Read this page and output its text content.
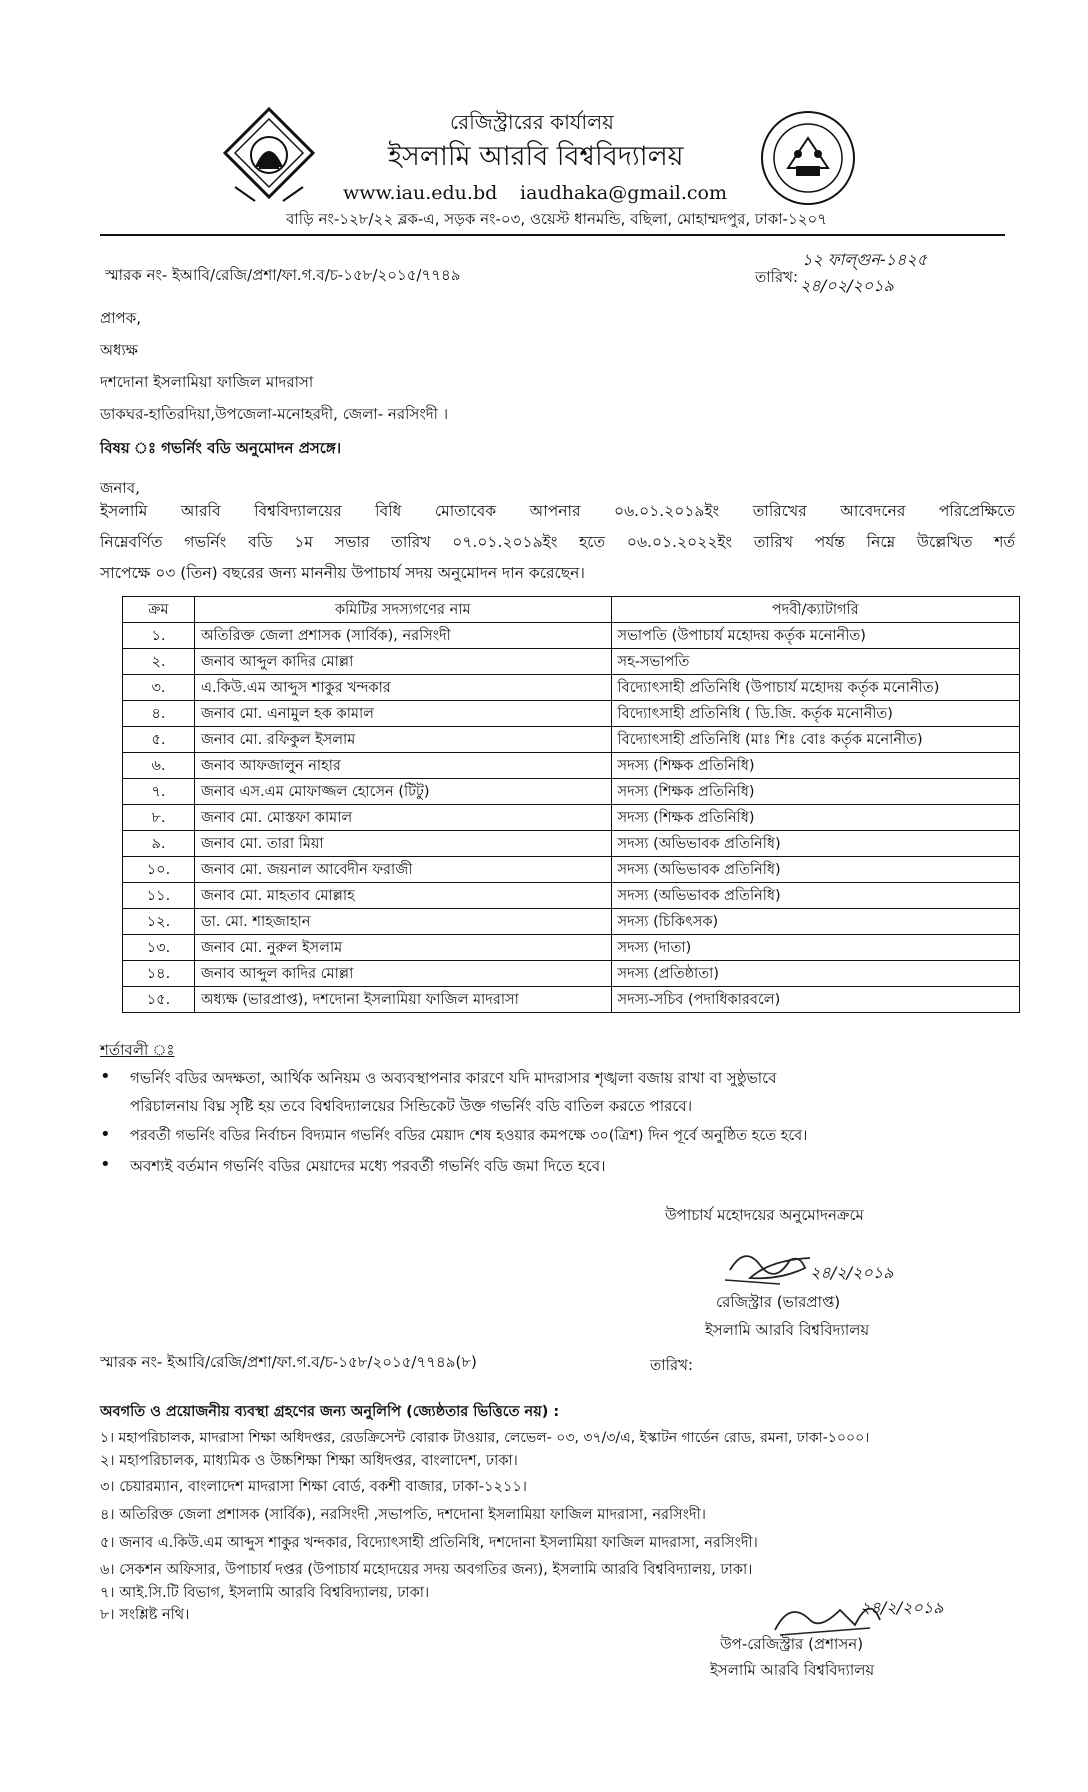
রেজিস্ট্রারের কার্যালয়
ইসলামি আরবি বিশ্ববিদ্যালয়
www.iau.edu.bd iaudhaka@gmail.com
বাড়ি নং-১২৮/২২ ব্লক-এ, সড়ক নং-০৩, ওয়েস্ট ধানমন্ডি, বছিলা, মোহাম্মদপুর, ঢাকা-১২০৭
স্মারক নং- ইআবি/রেজি/প্রশা/ফা.গ.ব/চ-১৫৮/২০১৫/৭৭৪৯	তারিখ:
১২ ফাল্গুন-১৪২৫
২৪/০২/২০১৯
প্রাপক,
অধ্যক্ষ
দশদোনা ইসলামিয়া ফাজিল মাদরাসা
ডাকঘর-হাতিরদিয়া,উপজেলা-মনোহরদী, জেলা- নরসিংদী ।
বিষয় ঃ গভর্নিং বডি অনুমোদন প্রসঙ্গে।
জনাব,
ইসলামি আরবি বিশ্ববিদ্যালয়ের বিধি মোতাবেক আপনার ০৬.০১.২০১৯ইং তারিখের আবেদনের পরিপ্রেক্ষিতে
নিম্নেবর্ণিত গভর্নিং বডি ১ম সভার তারিখ ০৭.০১.২০১৯ইং হতে ০৬.০১.২০২২ইং তারিখ পর্যন্ত নিম্নে উল্লেখিত শর্ত
সাপেক্ষে ০৩ (তিন) বছরের জন্য মাননীয় উপাচার্য সদয় অনুমোদন দান করেছেন।
ক্রম	কমিটির সদস্যগণের নাম	পদবী/ক্যাটাগরি
১.	অতিরিক্ত জেলা প্রশাসক (সার্বিক), নরসিংদী	সভাপতি (উপাচার্য মহোদয় কর্তৃক মনোনীত)
২.	জনাব আব্দুল কাদির মোল্লা	সহ-সভাপতি
৩.	এ.কিউ.এম আব্দুস শাকুর খন্দকার	বিদ্যোৎসাহী প্রতিনিধি (উপাচার্য মহোদয় কর্তৃক মনোনীত)
৪.	জনাব মো. এনামুল হক কামাল	বিদ্যোৎসাহী প্রতিনিধি ( ডি.জি. কর্তৃক মনোনীত)
৫.	জনাব মো. রফিকুল ইসলাম	বিদ্যোৎসাহী প্রতিনিধি (মাঃ শিঃ বোঃ কর্তৃক মনোনীত)
৬.	জনাব আফজালুন নাহার	সদস্য (শিক্ষক প্রতিনিধি)
৭.	জনাব এস.এম মোফাজ্জল হোসেন (টিটু)	সদস্য (শিক্ষক প্রতিনিধি)
৮.	জনাব মো. মোস্তফা কামাল	সদস্য (শিক্ষক প্রতিনিধি)
৯.	জনাব মো. তারা মিয়া	সদস্য (অভিভাবক প্রতিনিধি)
১০.	জনাব মো. জয়নাল আবেদীন ফরাজী	সদস্য (অভিভাবক প্রতিনিধি)
১১.	জনাব মো. মাহতাব মোল্লাহ	সদস্য (অভিভাবক প্রতিনিধি)
১২.	ডা. মো. শাহজাহান	সদস্য (চিকিৎসক)
১৩.	জনাব মো. নুরুল ইসলাম	সদস্য (দাতা)
১৪.	জনাব আব্দুল কাদির মোল্লা	সদস্য (প্রতিষ্ঠাতা)
১৫.	অধ্যক্ষ (ভারপ্রাপ্ত), দশদোনা ইসলামিয়া ফাজিল মাদরাসা	সদস্য-সচিব (পদাধিকারবলে)
শর্তাবলী ঃ
• গভর্নিং বডির অদক্ষতা, আর্থিক অনিয়ম ও অব্যবস্থাপনার কারণে যদি মাদরাসার শৃঙ্খলা বজায় রাখা বা সুষ্ঠুভাবে
পরিচালনায় বিঘ্ন সৃষ্টি হয় তবে বিশ্ববিদ্যালয়ের সিন্ডিকেট উক্ত গভর্নিং বডি বাতিল করতে পারবে।
• পরবর্তী গভর্নিং বডির নির্বাচন বিদ্যমান গভর্নিং বডির মেয়াদ শেষ হওয়ার কমপক্ষে ৩০(ত্রিশ) দিন পূর্বে অনুষ্ঠিত হতে হবে।
• অবশ্যই বর্তমান গভর্নিং বডির মেয়াদের মধ্যে পরবর্তী গভর্নিং বডি জমা দিতে হবে।
উপাচার্য মহোদয়ের অনুমোদনক্রমে
২৪/২/২০১৯
রেজিস্ট্রার (ভারপ্রাপ্ত)
ইসলামি আরবি বিশ্ববিদ্যালয়
স্মারক নং- ইআবি/রেজি/প্রশা/ফা.গ.ব/চ-১৫৮/২০১৫/৭৭৪৯(৮)	তারিখ:
অবগতি ও প্রয়োজনীয় ব্যবস্থা গ্রহণের জন্য অনুলিপি (জ্যেষ্ঠতার ভিত্তিতে নয়) :
১। মহাপরিচালক, মাদরাসা শিক্ষা অধিদপ্তর, রেডক্রিসেন্ট বোরাক টাওয়ার, লেভেল- ০৩, ৩৭/৩/এ, ইস্কাটন গার্ডেন রোড, রমনা, ঢাকা-১০০০।
২। মহাপরিচালক, মাধ্যমিক ও উচ্চশিক্ষা শিক্ষা অধিদপ্তর, বাংলাদেশ, ঢাকা।
৩। চেয়ারম্যান, বাংলাদেশ মাদরাসা শিক্ষা বোর্ড, বকশী বাজার, ঢাকা-১২১১।
৪। অতিরিক্ত জেলা প্রশাসক (সার্বিক), নরসিংদী ,সভাপতি, দশদোনা ইসলামিয়া ফাজিল মাদরাসা, নরসিংদী।
৫। জনাব এ.কিউ.এম আব্দুস শাকুর খন্দকার, বিদ্যোৎসাহী প্রতিনিধি, দশদোনা ইসলামিয়া ফাজিল মাদরাসা, নরসিংদী।
৬। সেকশন অফিসার, উপাচার্য দপ্তর (উপাচার্য মহোদয়ের সদয় অবগতির জন্য), ইসলামি আরবি বিশ্ববিদ্যালয়, ঢাকা।
৭। আই.সি.টি বিভাগ, ইসলামি আরবি বিশ্ববিদ্যালয়, ঢাকা।
৮। সংশ্লিষ্ট নথি।	২৪/২/২০১৯
উপ-রেজিস্ট্রার (প্রশাসন)
ইসলামি আরবি বিশ্ববিদ্যালয়
